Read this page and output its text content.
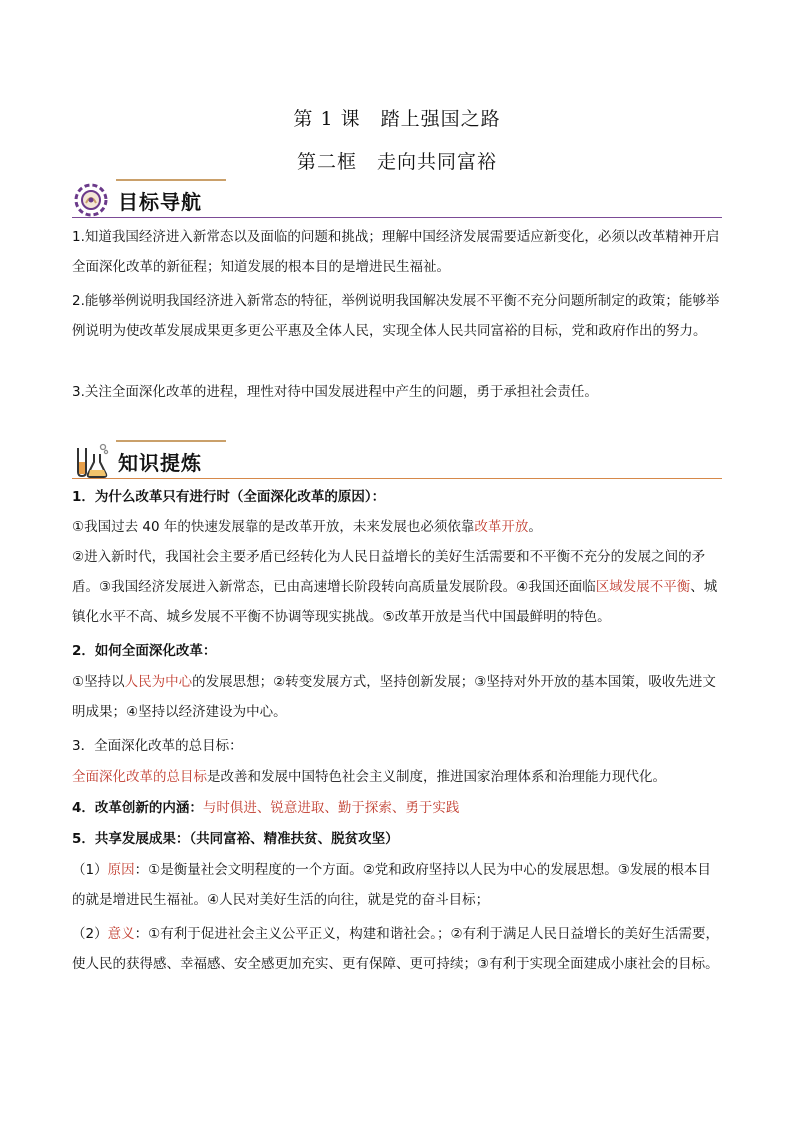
第 1 课 踏上强国之路
第二框 走向共同富裕
目标导航
1.知道我国经济进入新常态以及面临的问题和挑战；理解中国经济发展需要适应新变化，必须以改革精神开启全面深化改革的新征程；知道发展的根本目的是增进民生福祉。
2.能够举例说明我国经济进入新常态的特征，举例说明我国解决发展不平衡不充分问题所制定的政策；能够举例说明为使改革发展成果更多更公平惠及全体人民，实现全体人民共同富裕的目标，党和政府作出的努力。
3.关注全面深化改革的进程，理性对待中国发展进程中产生的问题，勇于承担社会责任。
知识提炼
1．为什么改革只有进行时（全面深化改革的原因）：
①我国过去 40 年的快速发展靠的是改革开放，未来发展也必须依靠改革开放。
②进入新时代，我国社会主要矛盾已经转化为人民日益增长的美好生活需要和不平衡不充分的发展之间的矛盾。③我国经济发展进入新常态，已由高速增长阶段转向高质量发展阶段。④我国还面临区域发展不平衡、城镇化水平不高、城乡发展不平衡不协调等现实挑战。⑤改革开放是当代中国最鲜明的特色。
2．如何全面深化改革：
①坚持以人民为中心的发展思想；②转变发展方式，坚持创新发展；③坚持对外开放的基本国策，吸收先进文明成果；④坚持以经济建设为中心。
3．全面深化改革的总目标：
全面深化改革的总目标是改善和发展中国特色社会主义制度，推进国家治理体系和治理能力现代化。
4．改革创新的内涵：与时俱进、锐意进取、勤于探索、勇于实践
5．共享发展成果：（共同富裕、精准扶贫、脱贫攻坚）
（1）原因：①是衡量社会文明程度的一个方面。②党和政府坚持以人民为中心的发展思想。③发展的根本目的就是增进民生福祉。④人民对美好生活的向往，就是党的奋斗目标；
（2）意义：①有利于促进社会主义公平正义，构建和谐社会。；②有利于满足人民日益增长的美好生活需要，使人民的获得感、幸福感、安全感更加充实、更有保障、更可持续；③有利于实现全面建成小康社会的目标。
